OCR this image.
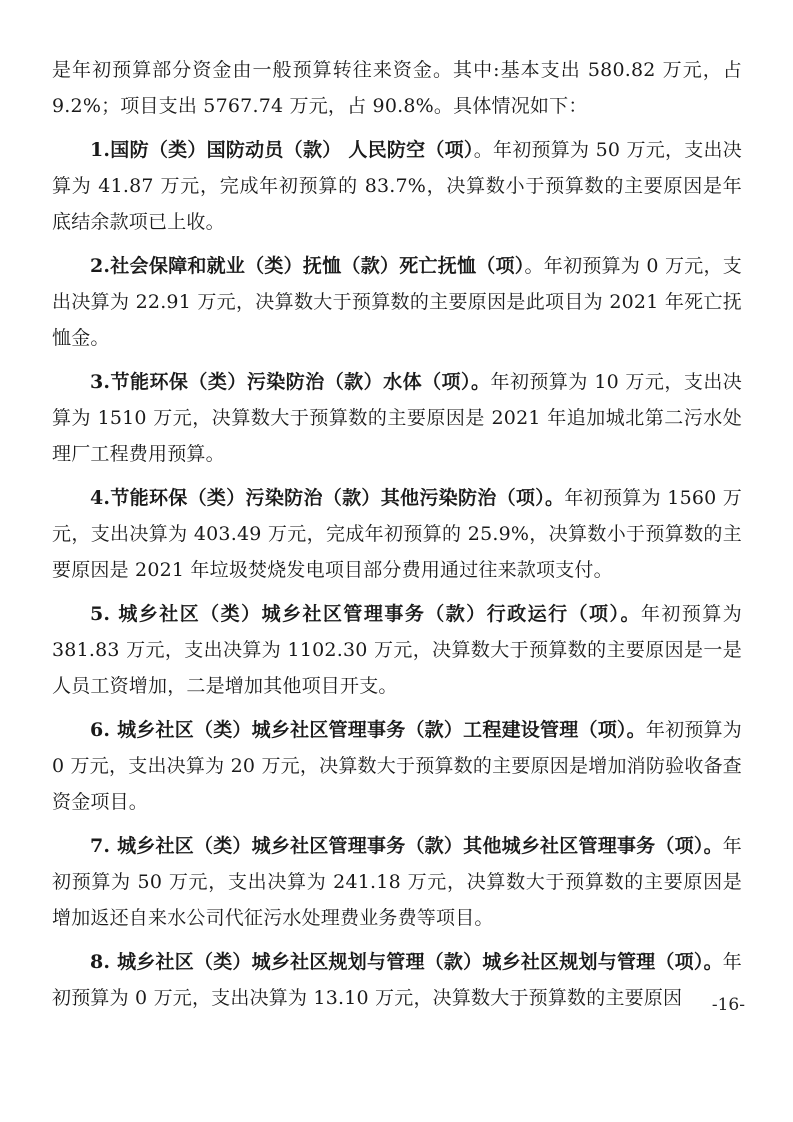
是年初预算部分资金由一般预算转往来资金。其中:基本支出 580.82 万元，占 9.2%；项目支出 5767.74 万元，占 90.8%。具体情况如下：

1.国防（类）国防动员（款） 人民防空（项）。年初预算为 50 万元，支出决算为 41.87 万元，完成年初预算的 83.7%，决算数小于预算数的主要原因是年底结余款项已上收。

2.社会保障和就业（类）抚恤（款）死亡抚恤（项）。年初预算为 0 万元，支出决算为 22.91 万元，决算数大于预算数的主要原因是此项目为 2021 年死亡抚恤金。

3.节能环保（类）污染防治（款）水体（项）。年初预算为 10 万元，支出决算为 1510 万元，决算数大于预算数的主要原因是 2021 年追加城北第二污水处理厂工程费用预算。

4.节能环保（类）污染防治（款）其他污染防治（项）。年初预算为 1560 万元，支出决算为 403.49 万元，完成年初预算的 25.9%，决算数小于预算数的主要原因是 2021 年垃圾焚烧发电项目部分费用通过往来款项支付。

5. 城乡社区（类）城乡社区管理事务（款）行政运行（项）。年初预算为 381.83 万元，支出决算为 1102.30 万元，决算数大于预算数的主要原因是一是人员工资增加，二是增加其他项目开支。

6. 城乡社区（类）城乡社区管理事务（款）工程建设管理（项）。年初预算为 0 万元，支出决算为 20 万元，决算数大于预算数的主要原因是增加消防验收备查资金项目。

7. 城乡社区（类）城乡社区管理事务（款）其他城乡社区管理事务（项）。年初预算为 50 万元，支出决算为 241.18 万元，决算数大于预算数的主要原因是增加返还自来水公司代征污水处理费业务费等项目。

8. 城乡社区（类）城乡社区规划与管理（款）城乡社区规划与管理（项）。年初预算为 0 万元，支出决算为 13.10 万元，决算数大于预算数的主要原因	-16-
